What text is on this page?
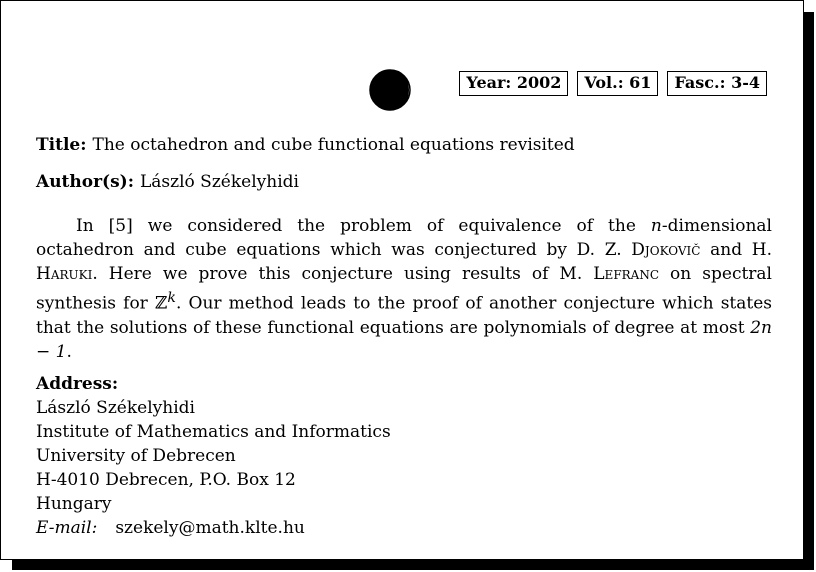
Year: 2002	Vol.: 61	Fasc.: 3-4
Title: The octahedron and cube functional equations revisited
Author(s): László Székelyhidi

In [5] we considered the problem of equivalence of the n-dimensional octahedron and cube equations which was conjectured by D. Z. Djokovič and H. Haruki. Here we prove this conjecture using results of M. Lefranc on spectral synthesis for ℤ$^k$. Our method leads to the proof of another conjecture which states that the solutions of these functional equations are polynomials of degree at most 2n − 1.

Address:
László Székelyhidi
Institute of Mathematics and Informatics
University of Debrecen
H-4010 Debrecen, P.O. Box 12
Hungary
E-mail: szekely@math.klte.hu
